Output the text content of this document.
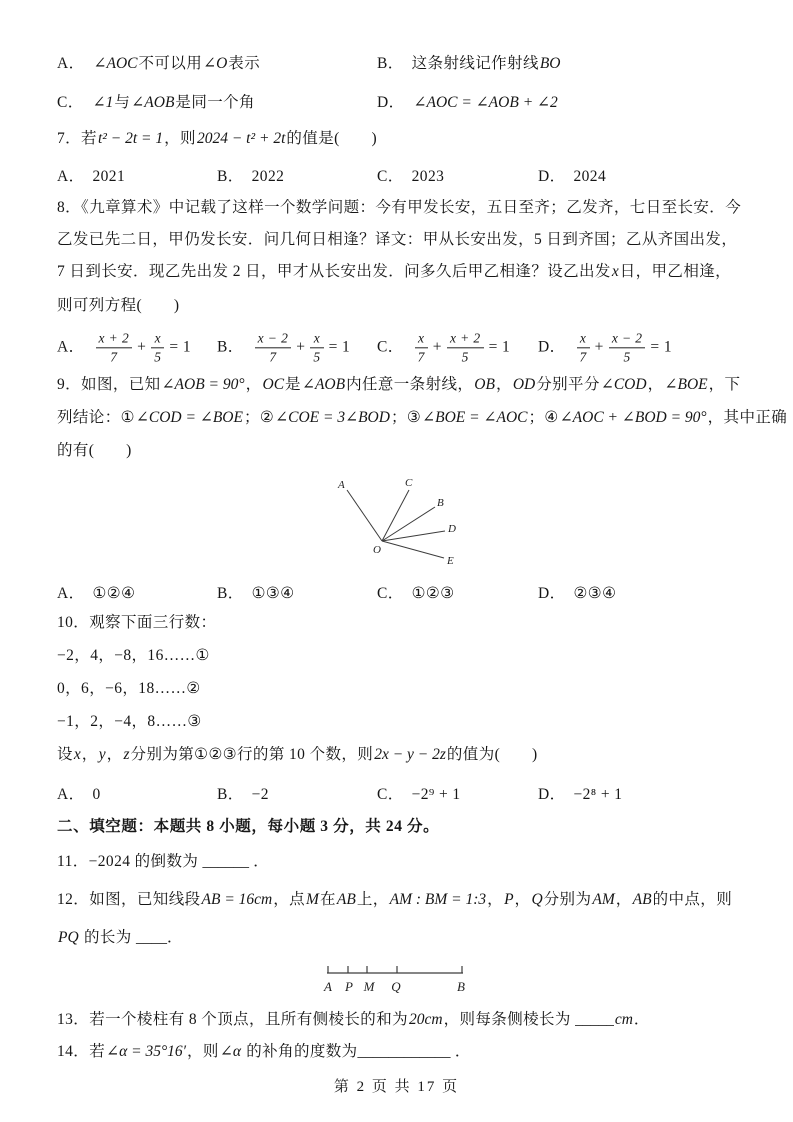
A． ∠AOC不可以用∠O表示	B． 这条射线记作射线BO
C． ∠1与∠AOB是同一个角	D． ∠AOC = ∠AOB + ∠2
7．若t² − 2t = 1，则2024 − t² + 2t的值是(　　)
A． 2021	B． 2022	C． 2023	D． 2024
8．《九章算术》中记载了这样一个数学问题：今有甲发长安，五日至齐；乙发齐，七日至长安．今
乙发已先二日，甲仍发长安．问几何日相逢？译文：甲从长安出发，5 日到齐国；乙从齐国出发，
7 日到长安．现乙先出发 2 日，甲才从长安出发．问多久后甲乙相逢？设乙出发x日，甲乙相逢，
则可列方程(　　)
A． $\frac{x + 2}{7} + \frac{x}{5} = 1$ B． $\frac{x - 2}{7} + \frac{x}{5} = 1$ C． $\frac{x}{7} + \frac{x + 2}{5} = 1$ D． $\frac{x}{7} + \frac{x - 2}{5} = 1$
9．如图，已知∠AOB = 90°，OC是∠AOB内任意一条射线，OB，OD分别平分∠COD，∠BOE，下
列结论：①∠COD = ∠BOE；②∠COE = 3∠BOD；③∠BOE = ∠AOC；④∠AOC + ∠BOD = 90°，其中正确
的有(　　)
A	C
B
D
E
O
A． ①②④	B． ①③④	C． ①②③	D． ②③④
10．观察下面三行数：
−2，4，−8，16……①
0，6，−6，18……②
−1，2，−4，8……③
设x，y，z分别为第①②③行的第 10 个数，则2x − y − 2z的值为(　　)
A． 0	B． −2	C． −2⁹ + 1	D． −2⁸ + 1
二、填空题：本题共 8 小题，每小题 3 分，共 24 分。
11．−2024 的倒数为 ______ ．
12．如图，已知线段AB = 16cm，点M在AB上，AM : BM = 1:3，P，Q分别为AM，AB的中点，则
PQ 的长为 ____．
A P M Q	B
13．若一个棱柱有 8 个顶点，且所有侧棱长的和为20cm，则每条侧棱长为 _____cm．
14．若∠α = 35°16′，则∠α 的补角的度数为____________ ．
第 2 页 共 17 页
